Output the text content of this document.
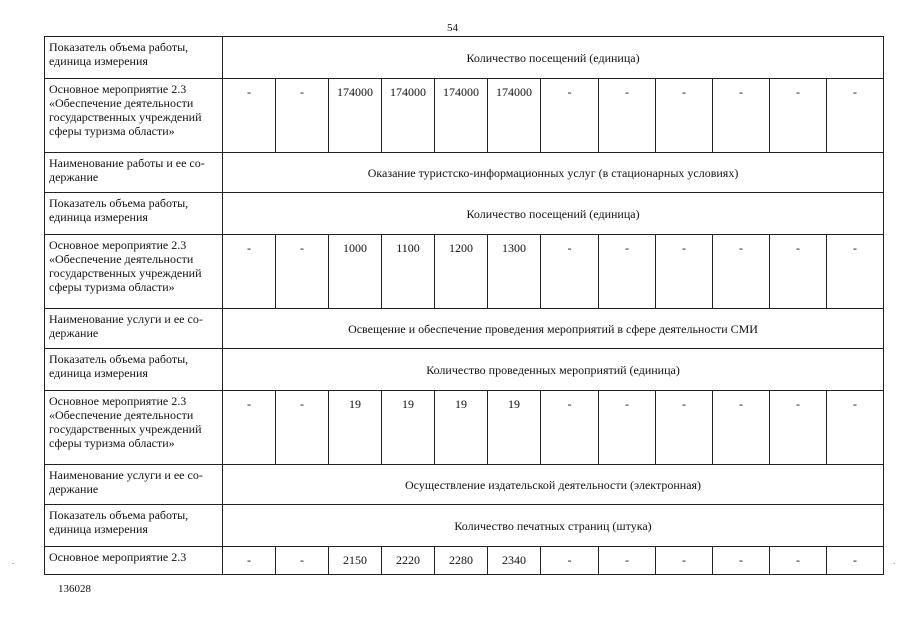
54
Показатель объема работы, единица измерения	Количество посещений (единица)											
Основное мероприятие 2.3 «Обеспечение деятельности государственных учреждений сферы туризма области»	-	-	174000	174000	174000	174000	-	-	-	-	-	-
Наименование работы и ее со-держание	Оказание туристско-информационных услуг (в стационарных условиях)											
Показатель объема работы, единица измерения	Количество посещений (единица)											
Основное мероприятие 2.3 «Обеспечение деятельности государственных учреждений сферы туризма области»	-	-	1000	1100	1200	1300	-	-	-	-	-	-
Наименование услуги и ее со-держание	Освещение и обеспечение проведения мероприятий в сфере деятельности СМИ											
Показатель объема работы, единица измерения	Количество проведенных мероприятий (единица)											
Основное мероприятие 2.3 «Обеспечение деятельности государственных учреждений сферы туризма области»	-	-	19	19	19	19	-	-	-	-	-	-
Наименование услуги и ее со-держание	Осуществление издательской деятельности (электронная)											
Показатель объема работы, единица измерения	Количество печатных страниц (штука)											
Основное мероприятие 2.3	-	-	2150	2220	2280	2340	-	-	-	-	-	-
136028
.	.
